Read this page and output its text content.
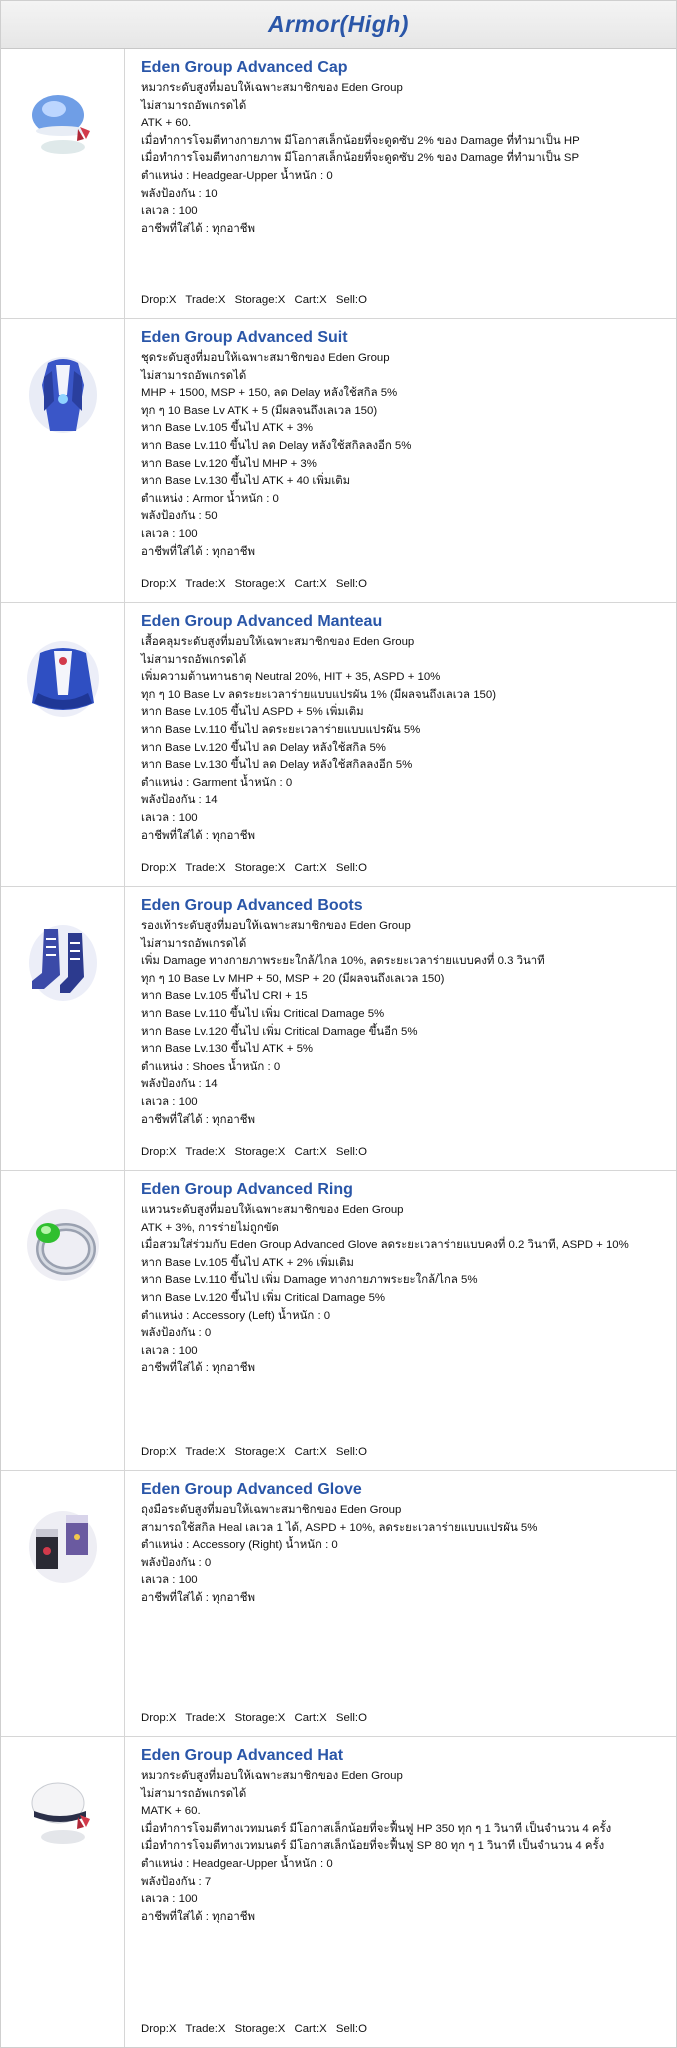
Armor(High)
Eden Group Advanced Cap
หมวกระดับสูงที่มอบให้เฉพาะสมาชิกของ Eden Group
ไม่สามารถอัพเกรดได้
ATK + 60.
เมื่อทำการโจมตีทางกายภาพ มีโอกาสเล็กน้อยที่จะดูดซับ 2% ของ Damage ที่ทำมาเป็น HP
เมื่อทำการโจมตีทางกายภาพ มีโอกาสเล็กน้อยที่จะดูดซับ 2% ของ Damage ที่ทำมาเป็น SP
ตำแหน่ง : Headgear-Upper น้ำหนัก : 0
พลังป้องกัน : 10
เลเวล : 100
อาชีพที่ใส่ได้ : ทุกอาชีพ
Drop:X Trade:X Storage:X Cart:X Sell:O
Eden Group Advanced Suit
ชุดระดับสูงที่มอบให้เฉพาะสมาชิกของ Eden Group
ไม่สามารถอัพเกรดได้
MHP + 1500, MSP + 150, ลด Delay หลังใช้สกิล 5%
ทุก ๆ 10 Base Lv ATK + 5 (มีผลจนถึงเลเวล 150)
หาก Base Lv.105 ขึ้นไป ATK + 3%
หาก Base Lv.110 ขึ้นไป ลด Delay หลังใช้สกิลลงอีก 5%
หาก Base Lv.120 ขึ้นไป MHP + 3%
หาก Base Lv.130 ขึ้นไป ATK + 40 เพิ่มเติม
ตำแหน่ง : Armor น้ำหนัก : 0
พลังป้องกัน : 50
เลเวล : 100
อาชีพที่ใส่ได้ : ทุกอาชีพ
Drop:X Trade:X Storage:X Cart:X Sell:O
Eden Group Advanced Manteau
เสื้อคลุมระดับสูงที่มอบให้เฉพาะสมาชิกของ Eden Group
ไม่สามารถอัพเกรดได้
เพิ่มความต้านทานธาตุ Neutral 20%, HIT + 35, ASPD + 10%
ทุก ๆ 10 Base Lv ลดระยะเวลาร่ายแบบแปรผัน 1% (มีผลจนถึงเลเวล 150)
หาก Base Lv.105 ขึ้นไป ASPD + 5% เพิ่มเติม
หาก Base Lv.110 ขึ้นไป ลดระยะเวลาร่ายแบบแปรผัน 5%
หาก Base Lv.120 ขึ้นไป ลด Delay หลังใช้สกิล 5%
หาก Base Lv.130 ขึ้นไป ลด Delay หลังใช้สกิลลงอีก 5%
ตำแหน่ง : Garment น้ำหนัก : 0
พลังป้องกัน : 14
เลเวล : 100
อาชีพที่ใส่ได้ : ทุกอาชีพ
Drop:X Trade:X Storage:X Cart:X Sell:O
Eden Group Advanced Boots
รองเท้าระดับสูงที่มอบให้เฉพาะสมาชิกของ Eden Group
ไม่สามารถอัพเกรดได้
เพิ่ม Damage ทางกายภาพระยะใกล้/ไกล 10%, ลดระยะเวลาร่ายแบบคงที่ 0.3 วินาที
ทุก ๆ 10 Base Lv MHP + 50, MSP + 20 (มีผลจนถึงเลเวล 150)
หาก Base Lv.105 ขึ้นไป CRI + 15
หาก Base Lv.110 ขึ้นไป เพิ่ม Critical Damage 5%
หาก Base Lv.120 ขึ้นไป เพิ่ม Critical Damage ขึ้นอีก 5%
หาก Base Lv.130 ขึ้นไป ATK + 5%
ตำแหน่ง : Shoes น้ำหนัก : 0
พลังป้องกัน : 14
เลเวล : 100
อาชีพที่ใส่ได้ : ทุกอาชีพ
Drop:X Trade:X Storage:X Cart:X Sell:O
Eden Group Advanced Ring
แหวนระดับสูงที่มอบให้เฉพาะสมาชิกของ Eden Group
ATK + 3%, การร่ายไม่ถูกขัด
เมื่อสวมใส่ร่วมกับ Eden Group Advanced Glove ลดระยะเวลาร่ายแบบคงที่ 0.2 วินาที, ASPD + 10%
หาก Base Lv.105 ขึ้นไป ATK + 2% เพิ่มเติม
หาก Base Lv.110 ขึ้นไป เพิ่ม Damage ทางกายภาพระยะใกล้/ไกล 5%
หาก Base Lv.120 ขึ้นไป เพิ่ม Critical Damage 5%
ตำแหน่ง : Accessory (Left) น้ำหนัก : 0
พลังป้องกัน : 0
เลเวล : 100
อาชีพที่ใส่ได้ : ทุกอาชีพ
Drop:X Trade:X Storage:X Cart:X Sell:O
Eden Group Advanced Glove
ถุงมือระดับสูงที่มอบให้เฉพาะสมาชิกของ Eden Group
สามารถใช้สกิล Heal เลเวล 1 ได้, ASPD + 10%, ลดระยะเวลาร่ายแบบแปรผัน 5%
ตำแหน่ง : Accessory (Right) น้ำหนัก : 0
พลังป้องกัน : 0
เลเวล : 100
อาชีพที่ใส่ได้ : ทุกอาชีพ
Drop:X Trade:X Storage:X Cart:X Sell:O
Eden Group Advanced Hat
หมวกระดับสูงที่มอบให้เฉพาะสมาชิกของ Eden Group
ไม่สามารถอัพเกรดได้
MATK + 60.
เมื่อทำการโจมตีทางเวทมนตร์ มีโอกาสเล็กน้อยที่จะฟื้นฟู HP 350 ทุก ๆ 1 วินาที เป็นจำนวน 4 ครั้ง
เมื่อทำการโจมตีทางเวทมนตร์ มีโอกาสเล็กน้อยที่จะฟื้นฟู SP 80 ทุก ๆ 1 วินาที เป็นจำนวน 4 ครั้ง
ตำแหน่ง : Headgear-Upper น้ำหนัก : 0
พลังป้องกัน : 7
เลเวล : 100
อาชีพที่ใส่ได้ : ทุกอาชีพ
Drop:X Trade:X Storage:X Cart:X Sell:O
